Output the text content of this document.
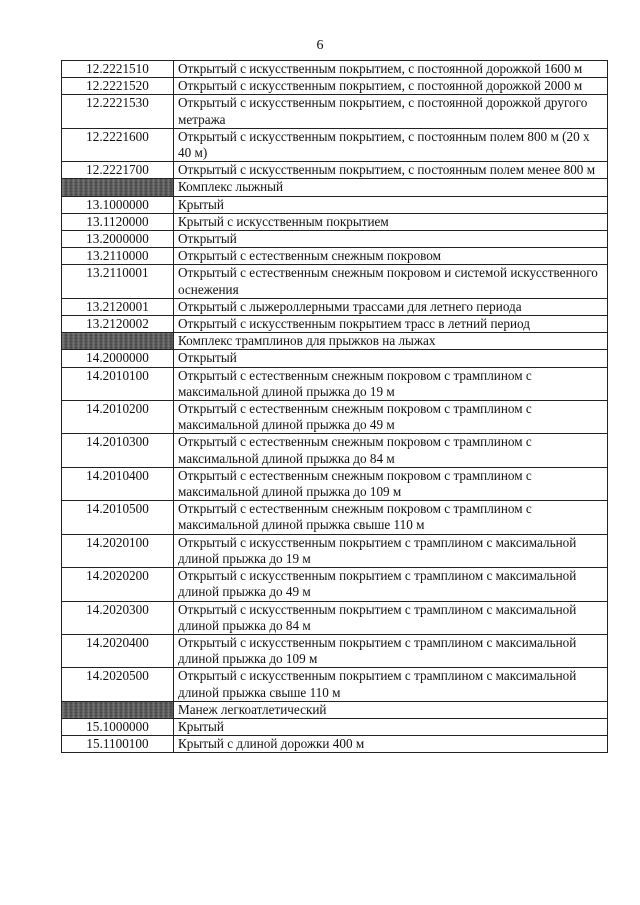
6
12.2221510	Открытый с искусственным покрытием, с постоянной дорожкой 1600 м
12.2221520	Открытый с искусственным покрытием, с постоянной дорожкой 2000 м
12.2221530	Открытый с искусственным покрытием, с постоянной дорожкой другого метража
12.2221600	Открытый с искусственным покрытием, с постоянным полем 800 м (20 х 40 м)
12.2221700	Открытый с искусственным покрытием, с постоянным полем менее 800 м
	Комплекс лыжный
13.1000000	Крытый
13.1120000	Крытый с искусственным покрытием
13.2000000	Открытый
13.2110000	Открытый с естественным снежным покровом
13.2110001	Открытый с естественным снежным покровом и системой искусственного оснежения
13.2120001	Открытый с лыжероллерными трассами для летнего периода
13.2120002	Открытый с искусственным покрытием трасс в летний период
	Комплекс трамплинов для прыжков на лыжах
14.2000000	Открытый
14.2010100	Открытый с естественным снежным покровом с трамплином с максимальной длиной прыжка до 19 м
14.2010200	Открытый с естественным снежным покровом с трамплином с максимальной длиной прыжка до 49 м
14.2010300	Открытый с естественным снежным покровом с трамплином с максимальной длиной прыжка до 84 м
14.2010400	Открытый с естественным снежным покровом с трамплином с максимальной длиной прыжка до 109 м
14.2010500	Открытый с естественным снежным покровом с трамплином с максимальной длиной прыжка свыше 110 м
14.2020100	Открытый с искусственным покрытием с трамплином с максимальной длиной прыжка до 19 м
14.2020200	Открытый с искусственным покрытием с трамплином с максимальной длиной прыжка до 49 м
14.2020300	Открытый с искусственным покрытием с трамплином с максимальной длиной прыжка до 84 м
14.2020400	Открытый с искусственным покрытием с трамплином с максимальной длиной прыжка до 109 м
14.2020500	Открытый с искусственным покрытием с трамплином с максимальной длиной прыжка свыше 110 м
	Манеж легкоатлетический
15.1000000	Крытый
15.1100100	Крытый с длиной дорожки 400 м
